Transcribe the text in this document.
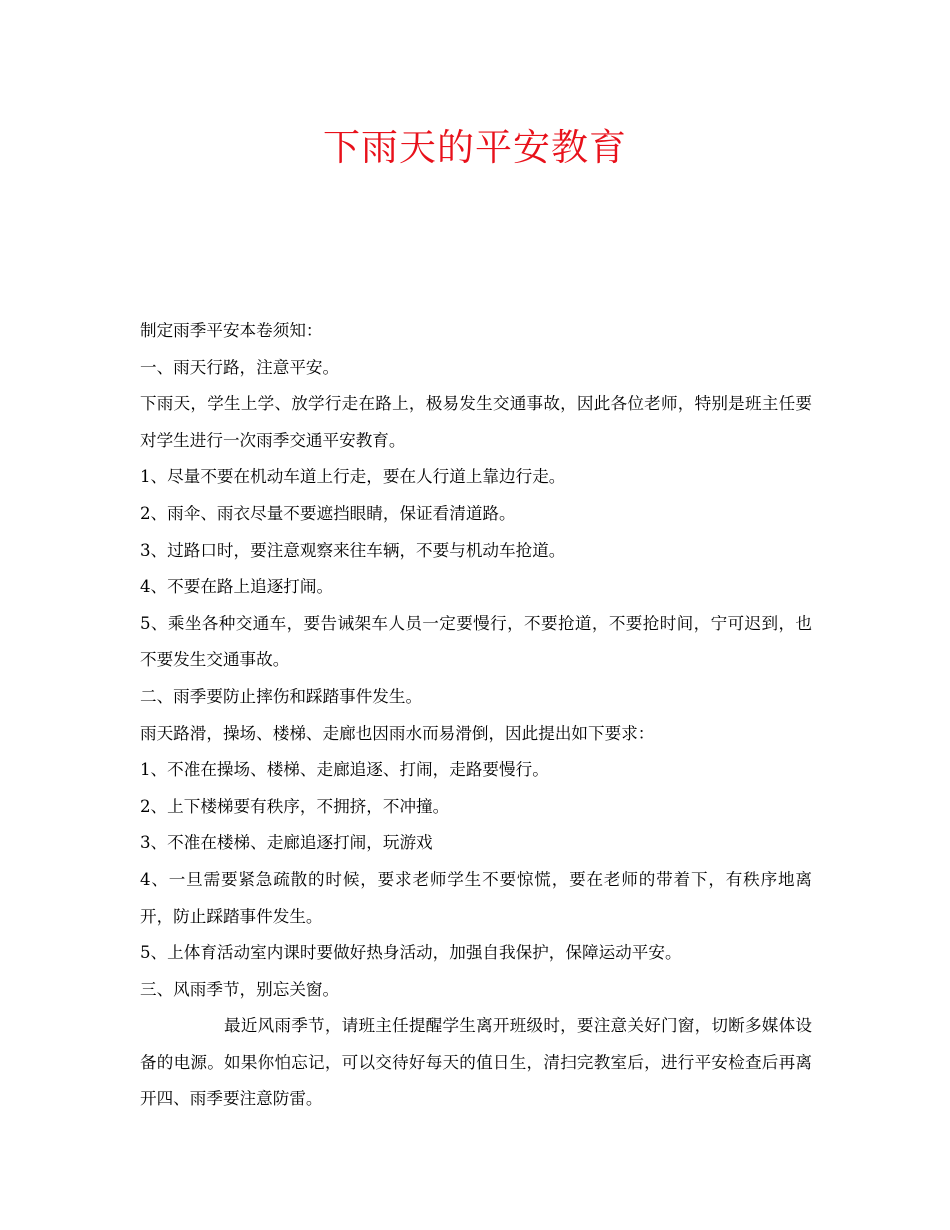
下雨天的平安教育

制定雨季平安本卷须知：

一、雨天行路，注意平安。

下雨天，学生上学、放学行走在路上，极易发生交通事故，因此各位老师，特别是班主任要对学生进行一次雨季交通平安教育。

1、尽量不要在机动车道上行走，要在人行道上靠边行走。

2、雨伞、雨衣尽量不要遮挡眼睛，保证看清道路。

3、过路口时，要注意观察来往车辆，不要与机动车抢道。

4、不要在路上追逐打闹。

5、乘坐各种交通车，要告诫架车人员一定要慢行，不要抢道，不要抢时间，宁可迟到，也不要发生交通事故。

二、雨季要防止摔伤和踩踏事件发生。

雨天路滑，操场、楼梯、走廊也因雨水而易滑倒，因此提出如下要求：

1、不准在操场、楼梯、走廊追逐、打闹，走路要慢行。

2、上下楼梯要有秩序，不拥挤，不冲撞。

3、不准在楼梯、走廊追逐打闹，玩游戏

4、一旦需要紧急疏散的时候，要求老师学生不要惊慌，要在老师的带着下，有秩序地离开，防止踩踏事件发生。

5、上体育活动室内课时要做好热身活动，加强自我保护，保障运动平安。

三、风雨季节，别忘关窗。

最近风雨季节，请班主任提醒学生离开班级时，要注意关好门窗，切断多媒体设备的电源。如果你怕忘记，可以交待好每天的值日生，清扫完教室后，进行平安检查后再离开四、雨季要注意防雷。
